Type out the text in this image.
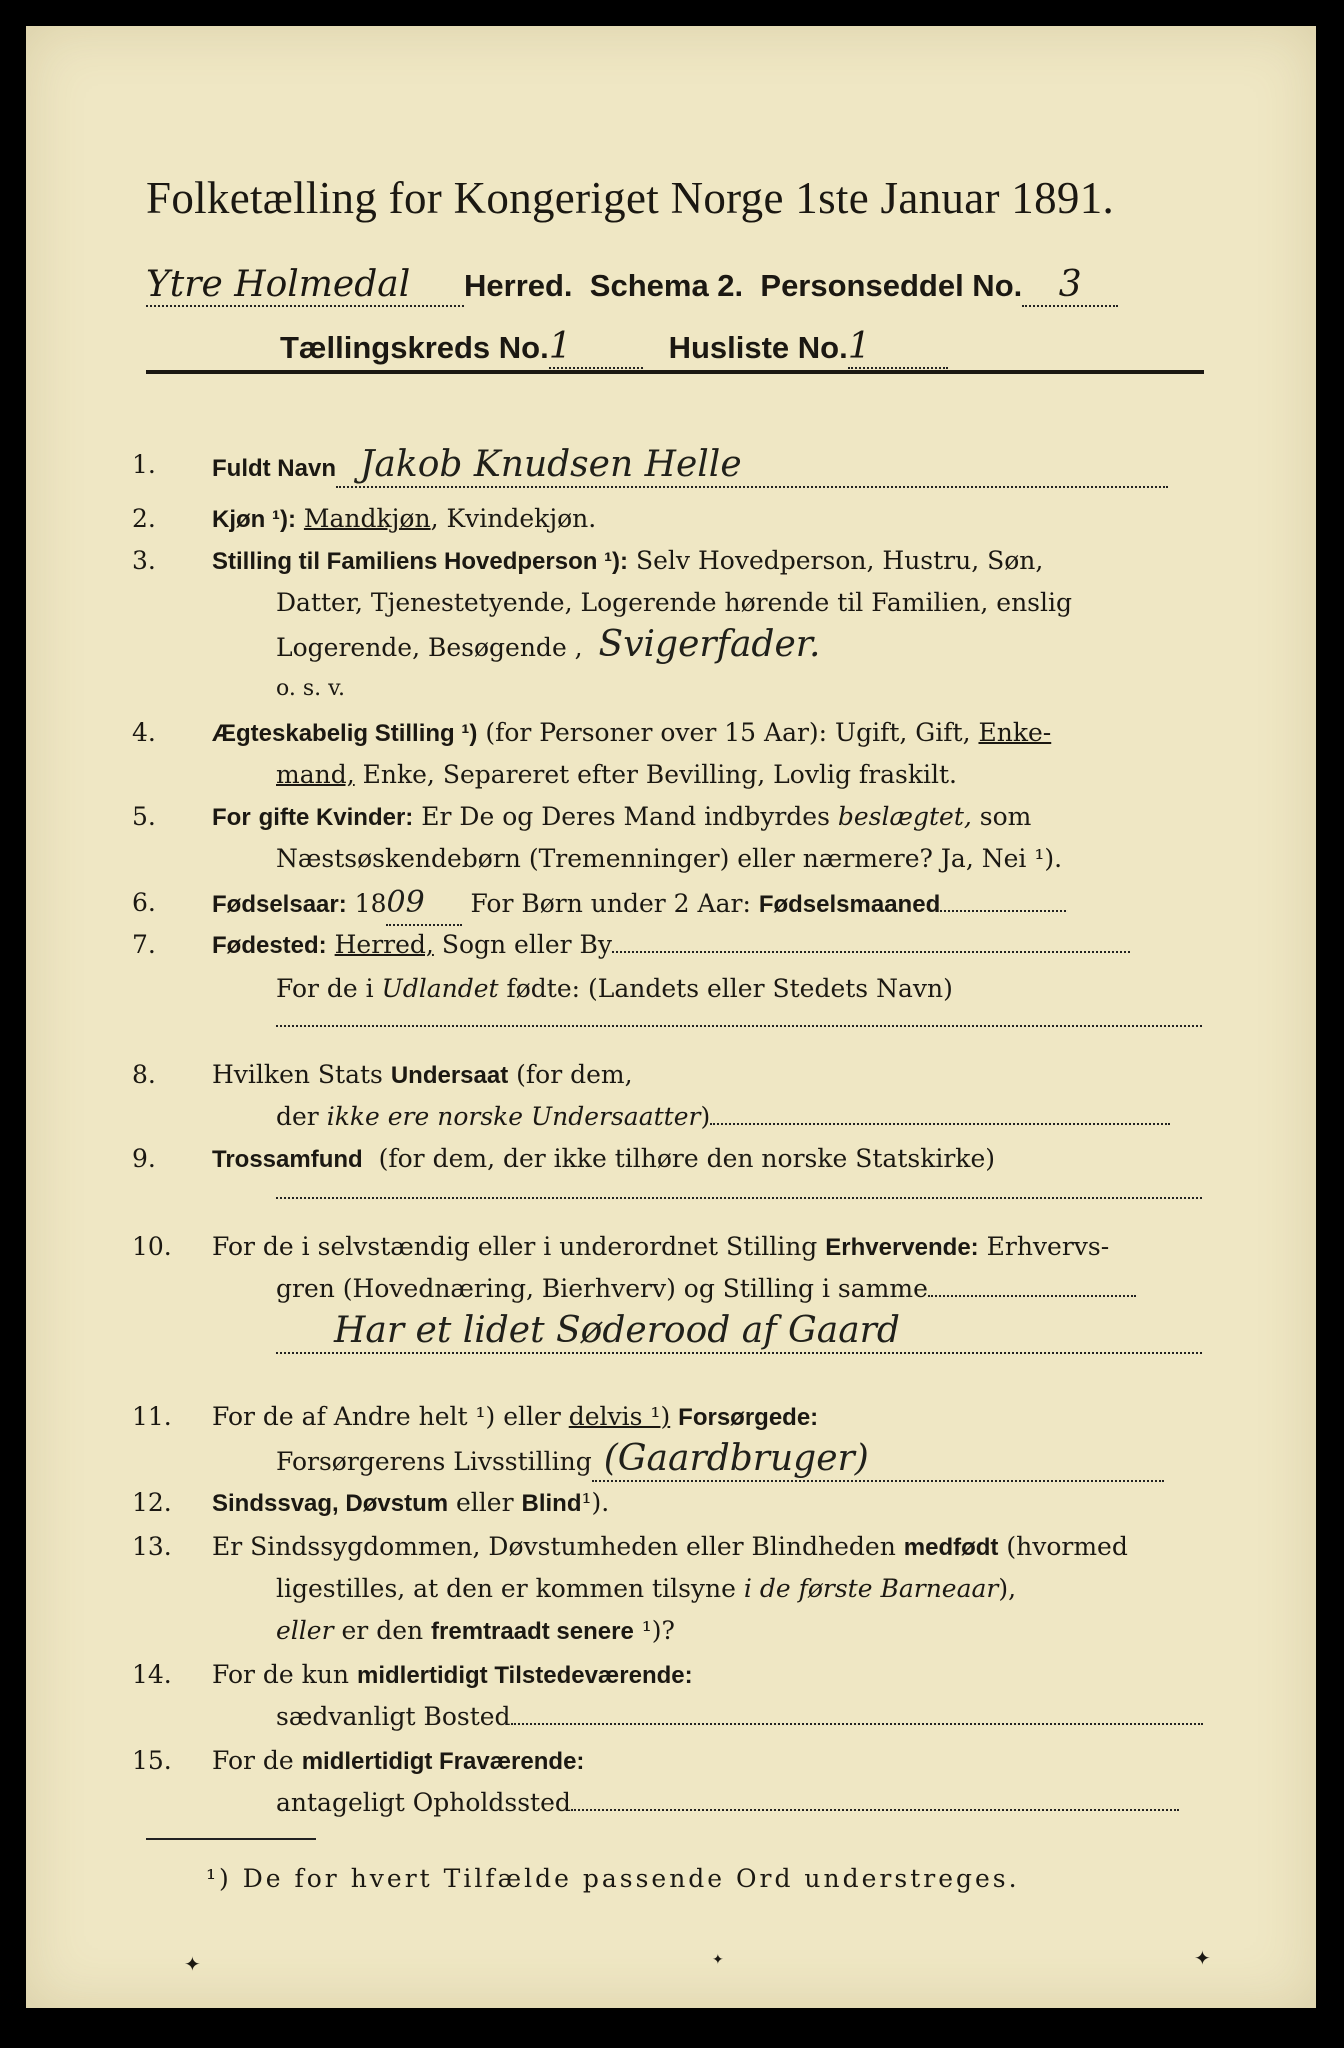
Folketælling for Kongeriget Norge 1ste Januar 1891.
Ytre Holmedal Herred. Schema 2. Personseddel No. 3
Tællingskreds No.1	Husliste No.1
1.	Fuldt Navn Jakob Knudsen Helle
2.	Kjøn ¹): Mandkjøn, Kvindekjøn.
3.	Stilling til Familiens Hovedperson ¹): Selv Hovedperson, Hustru, Søn,
Datter, Tjenestetyende, Logerende hørende til Familien, enslig
Logerende, Besøgende , Svigerfader.
o. s. v.
4.	Ægteskabelig Stilling ¹) (for Personer over 15 Aar): Ugift, Gift, Enke-
mand, Enke, Separeret efter Bevilling, Lovlig fraskilt.
5.	For gifte Kvinder: Er De og Deres Mand indbyrdes beslægtet, som
Næstsøskendebørn (Tremenninger) eller nærmere? Ja, Nei ¹).
6.	Fødselsaar: 1809 For Børn under 2 Aar: Fødselsmaaned
7.	Fødested: Herred, Sogn eller By
For de i Udlandet fødte: (Landets eller Stedets Navn)
8.	Hvilken Stats Undersaat (for dem,
der ikke ere norske Undersaatter)
9.	Trossamfund (for dem, der ikke tilhøre den norske Statskirke)
10.	For de i selvstændig eller i underordnet Stilling Erhvervende: Erhvervs-
gren (Hovednæring, Bierhverv) og Stilling i samme
Har et lidet Søderood af Gaard
11.	For de af Andre helt ¹) eller delvis ¹) Forsørgede:
Forsørgerens Livsstilling (Gaardbruger)
12.	Sindssvag, Døvstum eller Blind¹).
13.	Er Sindssygdommen, Døvstumheden eller Blindheden medfødt (hvormed
ligestilles, at den er kommen tilsyne i de første Barneaar),
eller er den fremtraadt senere ¹)?
14.	For de kun midlertidigt Tilstedeværende:
sædvanligt Bosted
15.	For de midlertidigt Fraværende:
antageligt Opholdssted
¹) De for hvert Tilfælde passende Ord understreges.
✦	✦	✦
